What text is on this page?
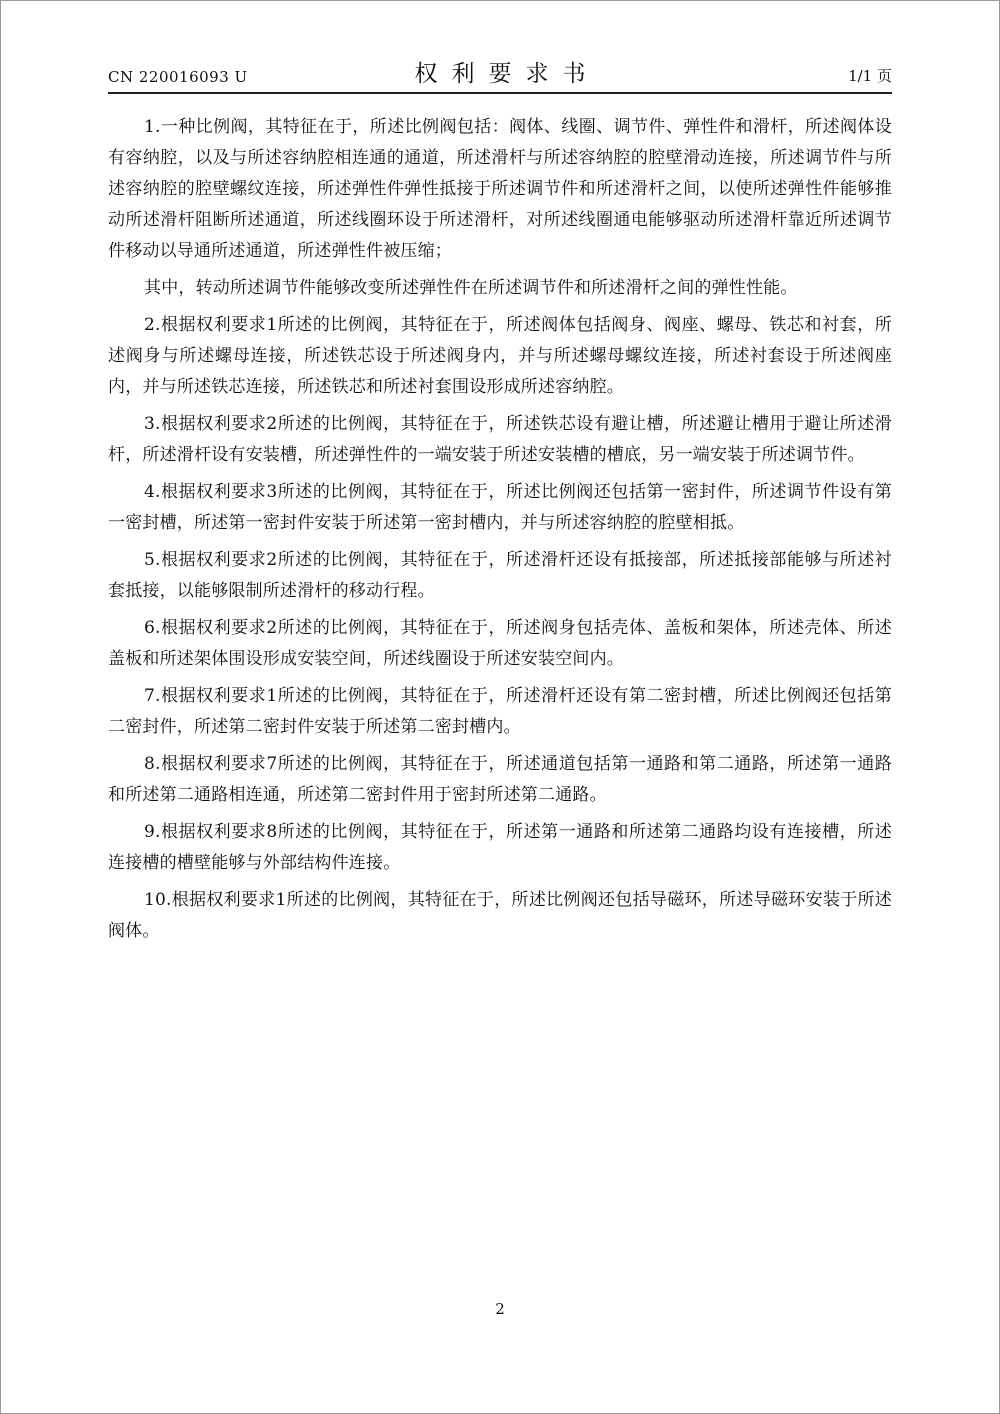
CN 220016093 U	权利要求书	1/1 页

1.一种比例阀，其特征在于，所述比例阀包括：阀体、线圈、调节件、弹性件和滑杆，所述阀体设有容纳腔，以及与所述容纳腔相连通的通道，所述滑杆与所述容纳腔的腔壁滑动连接，所述调节件与所述容纳腔的腔壁螺纹连接，所述弹性件弹性抵接于所述调节件和所述滑杆之间，以使所述弹性件能够推动所述滑杆阻断所述通道，所述线圈环设于所述滑杆，对所述线圈通电能够驱动所述滑杆靠近所述调节件移动以导通所述通道，所述弹性件被压缩；

其中，转动所述调节件能够改变所述弹性件在所述调节件和所述滑杆之间的弹性性能。

2.根据权利要求1所述的比例阀，其特征在于，所述阀体包括阀身、阀座、螺母、铁芯和衬套，所述阀身与所述螺母连接，所述铁芯设于所述阀身内，并与所述螺母螺纹连接，所述衬套设于所述阀座内，并与所述铁芯连接，所述铁芯和所述衬套围设形成所述容纳腔。

3.根据权利要求2所述的比例阀，其特征在于，所述铁芯设有避让槽，所述避让槽用于避让所述滑杆，所述滑杆设有安装槽，所述弹性件的一端安装于所述安装槽的槽底，另一端安装于所述调节件。

4.根据权利要求3所述的比例阀，其特征在于，所述比例阀还包括第一密封件，所述调节件设有第一密封槽，所述第一密封件安装于所述第一密封槽内，并与所述容纳腔的腔壁相抵。

5.根据权利要求2所述的比例阀，其特征在于，所述滑杆还设有抵接部，所述抵接部能够与所述衬套抵接，以能够限制所述滑杆的移动行程。

6.根据权利要求2所述的比例阀，其特征在于，所述阀身包括壳体、盖板和架体，所述壳体、所述盖板和所述架体围设形成安装空间，所述线圈设于所述安装空间内。

7.根据权利要求1所述的比例阀，其特征在于，所述滑杆还设有第二密封槽，所述比例阀还包括第二密封件，所述第二密封件安装于所述第二密封槽内。

8.根据权利要求7所述的比例阀，其特征在于，所述通道包括第一通路和第二通路，所述第一通路和所述第二通路相连通，所述第二密封件用于密封所述第二通路。

9.根据权利要求8所述的比例阀，其特征在于，所述第一通路和所述第二通路均设有连接槽，所述连接槽的槽壁能够与外部结构件连接。

10.根据权利要求1所述的比例阀，其特征在于，所述比例阀还包括导磁环，所述导磁环安装于所述阀体。

2
